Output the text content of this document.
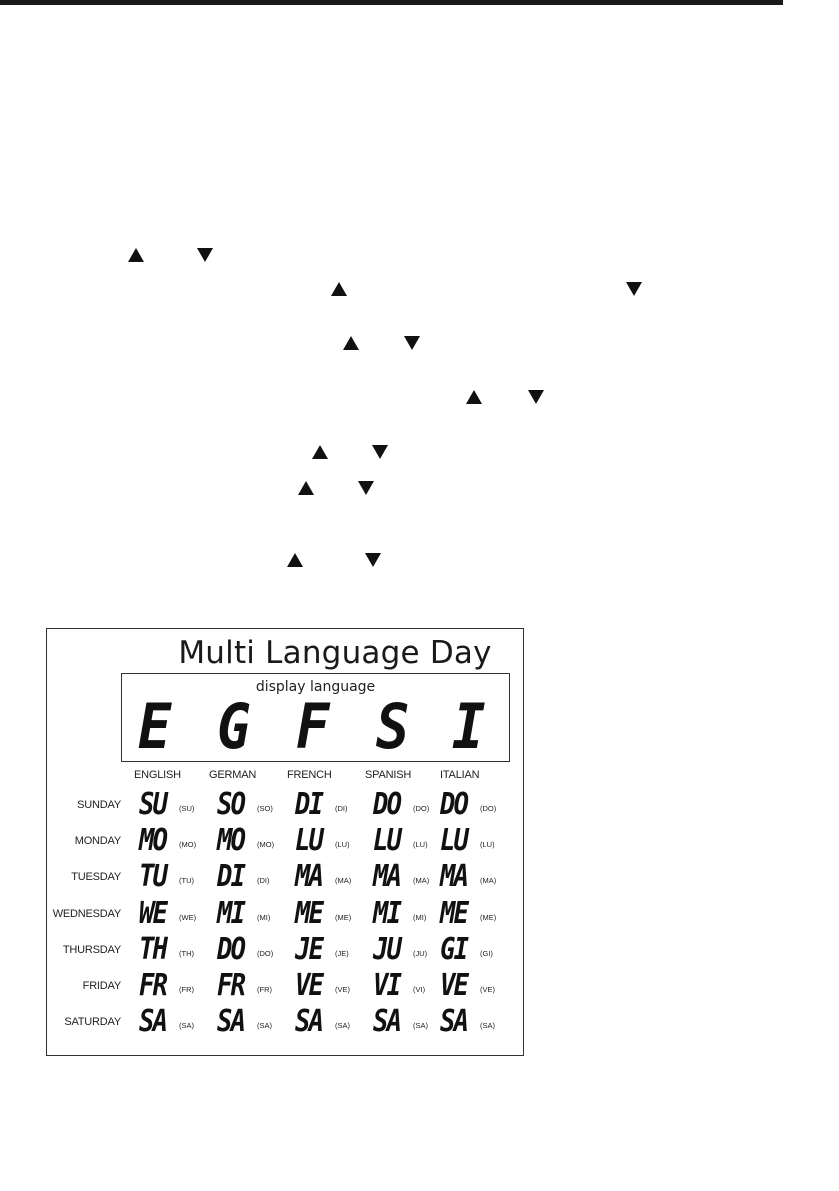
Multi Language Day
display language
E G F S I
ENGLISH	GERMAN	FRENCH	SPANISH	ITALIAN
SUNDAY SU (SU) SO (SO) DI (DI) DO (DO) DO (DO)
MONDAY MO (MO) MO (MO) LU (LU) LU (LU) LU (LU)
TUESDAY TU (TU) DI (DI) MA (MA) MA (MA) MA (MA)
WEDNESDAY WE (WE) MI (MI) ME (ME) MI (MI) ME (ME)
THURSDAY TH (TH) DO (DO) JE (JE) JU (JU) GI (GI)
FRIDAY FR (FR) FR (FR) VE (VE) VI (VI) VE (VE)
SATURDAY SA (SA) SA (SA) SA (SA) SA (SA) SA (SA)
